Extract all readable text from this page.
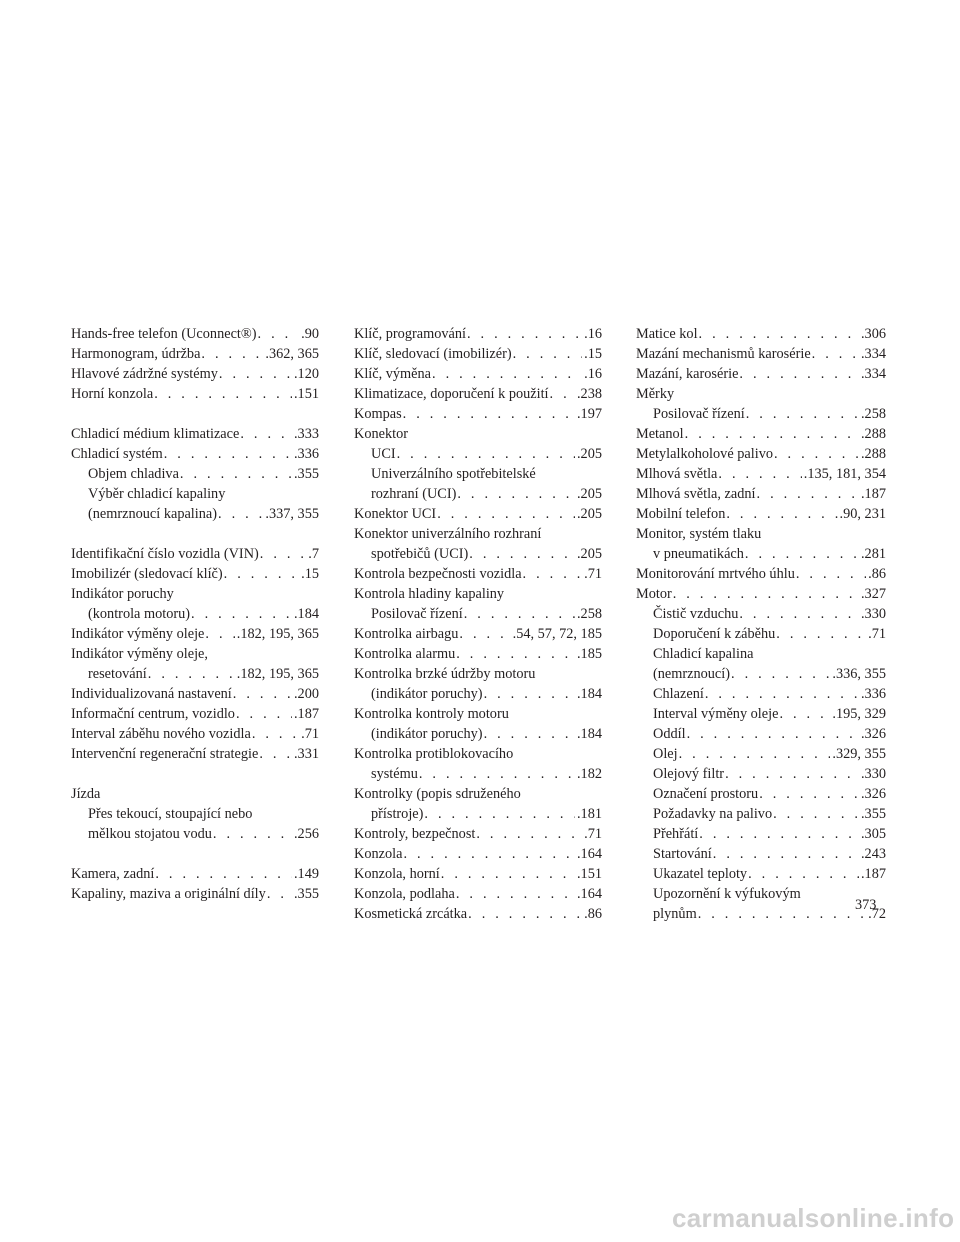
Hands-free telefon (Uconnect®) . . .	.90
Harmonogram, údržba . . .	.362, 365
Hlavové zádržné systémy . . .	.120
Horní konzola . . .	.151
Chladicí médium klimatizace . . .	.333
Chladicí systém . . .	.336
Objem chladiva . . .	.355
Výběr chladicí kapaliny
(nemrznoucí kapalina) . . .	.337, 355
Identifikační číslo vozidla (VIN) . . .	.7
Imobilizér (sledovací klíč) . . .	.15
Indikátor poruchy
(kontrola motoru) . . .	.184
Indikátor výměny oleje . . . .182, 195, 365
Indikátor výměny oleje,
resetování . . .	.182, 195, 365
Individualizovaná nastavení . . .	.200
Informační centrum, vozidlo . . .	.187
Interval záběhu nového vozidla . . .	.71
Intervenční regenerační strategie . . . .331
Jízda
Přes tekoucí, stoupající nebo
mělkou stojatou vodu . . .	.256
Kamera, zadní . . .	.149
Kapaliny, maziva a originální díly . . . .355
Klíč, programování . . .	.16
Klíč, sledovací (imobilizér) . . .	.15
Klíč, výměna . . .	.16
Klimatizace, doporučení k použití . . . .238
Kompas . . .	.197
Konektor
UCI . . .	.205
Univerzálního spotřebitelské
rozhraní (UCI) . . .	.205
Konektor UCI . . .	.205
Konektor univerzálního rozhraní
spotřebičů (UCI) . . .	.205
Kontrola bezpečnosti vozidla . . .	.71
Kontrola hladiny kapaliny
Posilovač řízení . . .	.258
Kontrolka airbagu . . .	.54, 57, 72, 185
Kontrolka alarmu . . .	.185
Kontrolka brzké údržby motoru
(indikátor poruchy) . . .	.184
Kontrolka kontroly motoru
(indikátor poruchy) . . .	.184
Kontrolka protiblokovacího
systému . . .	.182
Kontrolky (popis sdruženého
přístroje) . . .	.181
Kontroly, bezpečnost . . .	.71
Konzola . . .	.164
Konzola, horní . . .	.151
Konzola, podlaha . . .	.164
Kosmetická zrcátka . . .	.86
Matice kol . . .	.306
Mazání mechanismů karosérie . . .	.334
Mazání, karosérie . . .	.334
Měrky
Posilovač řízení . . .	.258
Metanol . . .	.288
Metylalkoholové palivo . . .	.288
Mlhová světla . . .	.135, 181, 354
Mlhová světla, zadní . . .	.187
Mobilní telefon . . .	.90, 231
Monitor, systém tlaku
v pneumatikách . . .	.281
Monitorování mrtvého úhlu . . .	.86
Motor . . .	.327
Čistič vzduchu . . .	.330
Doporučení k záběhu . . .	.71
Chladicí kapalina
(nemrznoucí) . . .	.336, 355
Chlazení . . .	.336
Interval výměny oleje . . .	.195, 329
Oddíl . . .	.326
Olej . . .	.329, 355
Olejový filtr . . .	.330
Označení prostoru . . .	.326
Požadavky na palivo . . .	.355
Přehřátí . . .	.305
Startování . . .	.243
Ukazatel teploty . . .	.187
Upozornění k výfukovým
plynům . . .	.72
373
carmanualsonline.info
